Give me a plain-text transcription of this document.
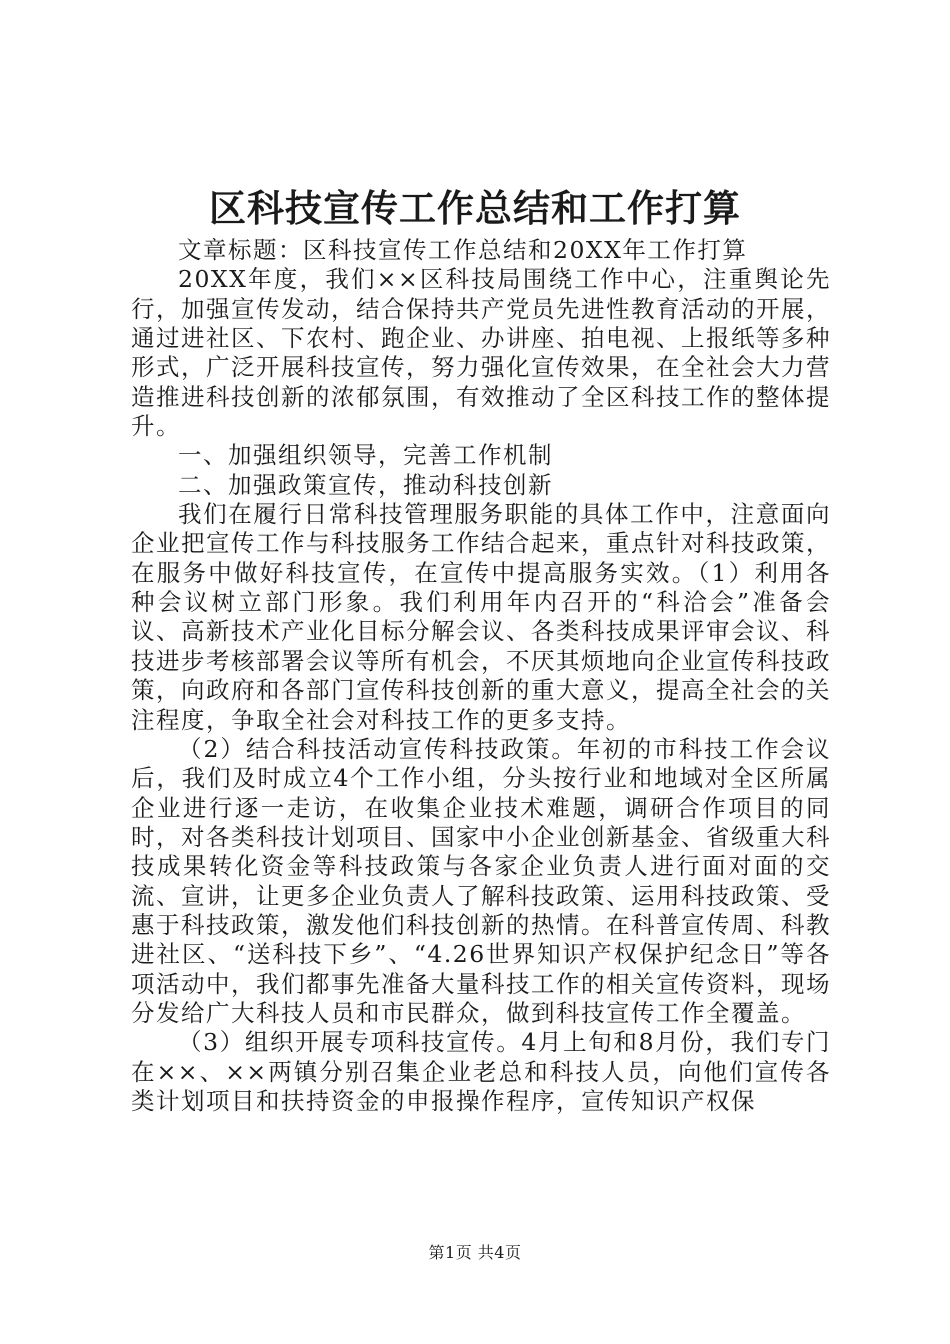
区科技宣传工作总结和工作打算

文章标题：区科技宣传工作总结和20XX年工作打算

20XX年度，我们××区科技局围绕工作中心，注重舆论先行，加强宣传发动，结合保持共产党员先进性教育活动的开展，通过进社区、下农村、跑企业、办讲座、拍电视、上报纸等多种形式，广泛开展科技宣传，努力强化宣传效果，在全社会大力营造推进科技创新的浓郁氛围，有效推动了全区科技工作的整体提升。

一、加强组织领导，完善工作机制

二、加强政策宣传，推动科技创新

我们在履行日常科技管理服务职能的具体工作中，注意面向企业把宣传工作与科技服务工作结合起来，重点针对科技政策，在服务中做好科技宣传，在宣传中提高服务实效。（1）利用各种会议树立部门形象。我们利用年内召开的“科洽会”准备会议、高新技术产业化目标分解会议、各类科技成果评审会议、科技进步考核部署会议等所有机会，不厌其烦地向企业宣传科技政策，向政府和各部门宣传科技创新的重大意义，提高全社会的关注程度，争取全社会对科技工作的更多支持。

（2）结合科技活动宣传科技政策。年初的市科技工作会议后，我们及时成立4个工作小组，分头按行业和地域对全区所属企业进行逐一走访，在收集企业技术难题，调研合作项目的同时，对各类科技计划项目、国家中小企业创新基金、省级重大科技成果转化资金等科技政策与各家企业负责人进行面对面的交流、宣讲，让更多企业负责人了解科技政策、运用科技政策、受惠于科技政策，激发他们科技创新的热情。在科普宣传周、科教进社区、“送科技下乡”、“4.26世界知识产权保护纪念日”等各项活动中，我们都事先准备大量科技工作的相关宣传资料，现场分发给广大科技人员和市民群众，做到科技宣传工作全覆盖。

（3）组织开展专项科技宣传。4月上旬和8月份，我们专门在××、××两镇分别召集企业老总和科技人员，向他们宣传各类计划项目和扶持资金的申报操作程序，宣传知识产权保

第1页 共4页
